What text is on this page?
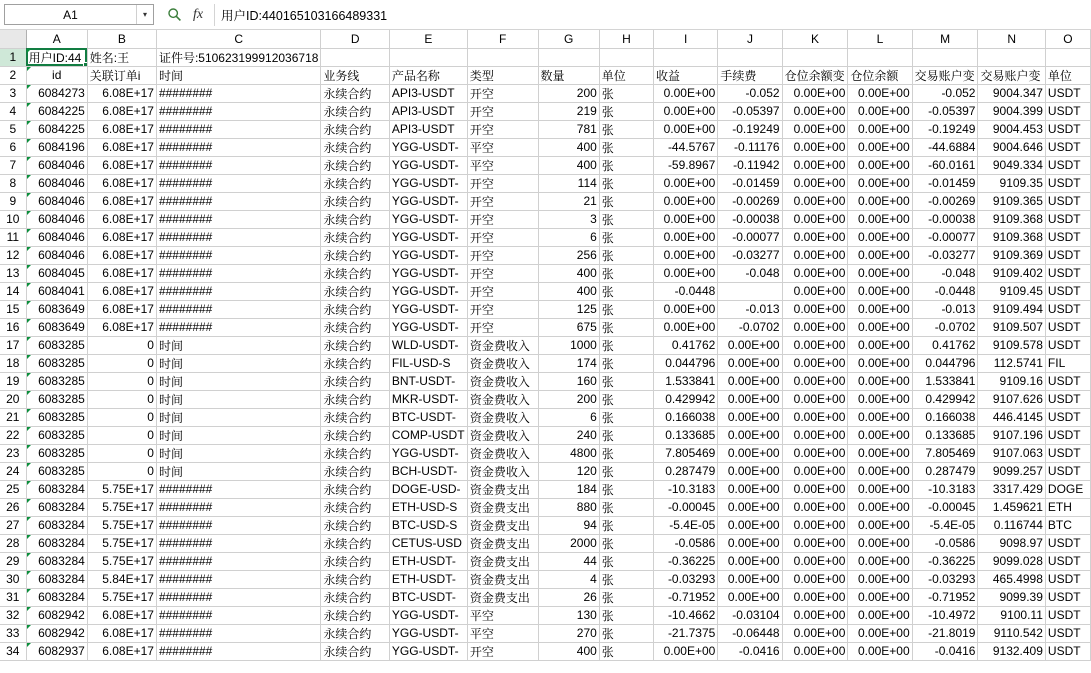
A1	▾	fx	用户ID:440165103166489331
	A	B	C	D	E	F	G	H	I	J	K	L	M	N	O
1	用户ID:44	姓名:王	证件号:510623199912036718												
2	id	关联订单i	时间	业务线	产品名称	类型	数量	单位	收益	手续费	仓位余额变	仓位余额	交易账户变	交易账户变	单位
3	6084273	6.08E+17	########	永续合约	API3-USDT	开空	200	张	0.00E+00	-0.052	0.00E+00	0.00E+00	-0.052	9004.347	USDT
4	6084225	6.08E+17	########	永续合约	API3-USDT	开空	219	张	0.00E+00	-0.05397	0.00E+00	0.00E+00	-0.05397	9004.399	USDT
5	6084225	6.08E+17	########	永续合约	API3-USDT	开空	781	张	0.00E+00	-0.19249	0.00E+00	0.00E+00	-0.19249	9004.453	USDT
6	6084196	6.08E+17	########	永续合约	YGG-USDT-	平空	400	张	-44.5767	-0.11176	0.00E+00	0.00E+00	-44.6884	9004.646	USDT
7	6084046	6.08E+17	########	永续合约	YGG-USDT-	平空	400	张	-59.8967	-0.11942	0.00E+00	0.00E+00	-60.0161	9049.334	USDT
8	6084046	6.08E+17	########	永续合约	YGG-USDT-	开空	114	张	0.00E+00	-0.01459	0.00E+00	0.00E+00	-0.01459	9109.35	USDT
9	6084046	6.08E+17	########	永续合约	YGG-USDT-	开空	21	张	0.00E+00	-0.00269	0.00E+00	0.00E+00	-0.00269	9109.365	USDT
10	6084046	6.08E+17	########	永续合约	YGG-USDT-	开空	3	张	0.00E+00	-0.00038	0.00E+00	0.00E+00	-0.00038	9109.368	USDT
11	6084046	6.08E+17	########	永续合约	YGG-USDT-	开空	6	张	0.00E+00	-0.00077	0.00E+00	0.00E+00	-0.00077	9109.368	USDT
12	6084046	6.08E+17	########	永续合约	YGG-USDT-	开空	256	张	0.00E+00	-0.03277	0.00E+00	0.00E+00	-0.03277	9109.369	USDT
13	6084045	6.08E+17	########	永续合约	YGG-USDT-	开空	400	张	0.00E+00	-0.048	0.00E+00	0.00E+00	-0.048	9109.402	USDT
14	6084041	6.08E+17	########	永续合约	YGG-USDT-	开空	400	张	-0.0448		0.00E+00	0.00E+00	-0.0448	9109.45	USDT
15	6083649	6.08E+17	########	永续合约	YGG-USDT-	开空	125	张	0.00E+00	-0.013	0.00E+00	0.00E+00	-0.013	9109.494	USDT
16	6083649	6.08E+17	########	永续合约	YGG-USDT-	开空	675	张	0.00E+00	-0.0702	0.00E+00	0.00E+00	-0.0702	9109.507	USDT
17	6083285	0	时间	永续合约	WLD-USDT-	资金费收入	1000	张	0.41762	0.00E+00	0.00E+00	0.00E+00	0.41762	9109.578	USDT
18	6083285	0	时间	永续合约	FIL-USD-S	资金费收入	174	张	0.044796	0.00E+00	0.00E+00	0.00E+00	0.044796	112.5741	FIL
19	6083285	0	时间	永续合约	BNT-USDT-	资金费收入	160	张	1.533841	0.00E+00	0.00E+00	0.00E+00	1.533841	9109.16	USDT
20	6083285	0	时间	永续合约	MKR-USDT-	资金费收入	200	张	0.429942	0.00E+00	0.00E+00	0.00E+00	0.429942	9107.626	USDT
21	6083285	0	时间	永续合约	BTC-USDT-	资金费收入	6	张	0.166038	0.00E+00	0.00E+00	0.00E+00	0.166038	446.4145	USDT
22	6083285	0	时间	永续合约	COMP-USDT	资金费收入	240	张	0.133685	0.00E+00	0.00E+00	0.00E+00	0.133685	9107.196	USDT
23	6083285	0	时间	永续合约	YGG-USDT-	资金费收入	4800	张	7.805469	0.00E+00	0.00E+00	0.00E+00	7.805469	9107.063	USDT
24	6083285	0	时间	永续合约	BCH-USDT-	资金费收入	120	张	0.287479	0.00E+00	0.00E+00	0.00E+00	0.287479	9099.257	USDT
25	6083284	5.75E+17	########	永续合约	DOGE-USD-	资金费支出	184	张	-10.3183	0.00E+00	0.00E+00	0.00E+00	-10.3183	3317.429	DOGE
26	6083284	5.75E+17	########	永续合约	ETH-USD-S	资金费支出	880	张	-0.00045	0.00E+00	0.00E+00	0.00E+00	-0.00045	1.459621	ETH
27	6083284	5.75E+17	########	永续合约	BTC-USD-S	资金费支出	94	张	-5.4E-05	0.00E+00	0.00E+00	0.00E+00	-5.4E-05	0.116744	BTC
28	6083284	5.75E+17	########	永续合约	CETUS-USD	资金费支出	2000	张	-0.0586	0.00E+00	0.00E+00	0.00E+00	-0.0586	9098.97	USDT
29	6083284	5.75E+17	########	永续合约	ETH-USDT-	资金费支出	44	张	-0.36225	0.00E+00	0.00E+00	0.00E+00	-0.36225	9099.028	USDT
30	6083284	5.84E+17	########	永续合约	ETH-USDT-	资金费支出	4	张	-0.03293	0.00E+00	0.00E+00	0.00E+00	-0.03293	465.4998	USDT
31	6083284	5.75E+17	########	永续合约	BTC-USDT-	资金费支出	26	张	-0.71952	0.00E+00	0.00E+00	0.00E+00	-0.71952	9099.39	USDT
32	6082942	6.08E+17	########	永续合约	YGG-USDT-	平空	130	张	-10.4662	-0.03104	0.00E+00	0.00E+00	-10.4972	9100.11	USDT
33	6082942	6.08E+17	########	永续合约	YGG-USDT-	平空	270	张	-21.7375	-0.06448	0.00E+00	0.00E+00	-21.8019	9110.542	USDT
34	6082937	6.08E+17	########	永续合约	YGG-USDT-	开空	400	张	0.00E+00	-0.0416	0.00E+00	0.00E+00	-0.0416	9132.409	USDT
